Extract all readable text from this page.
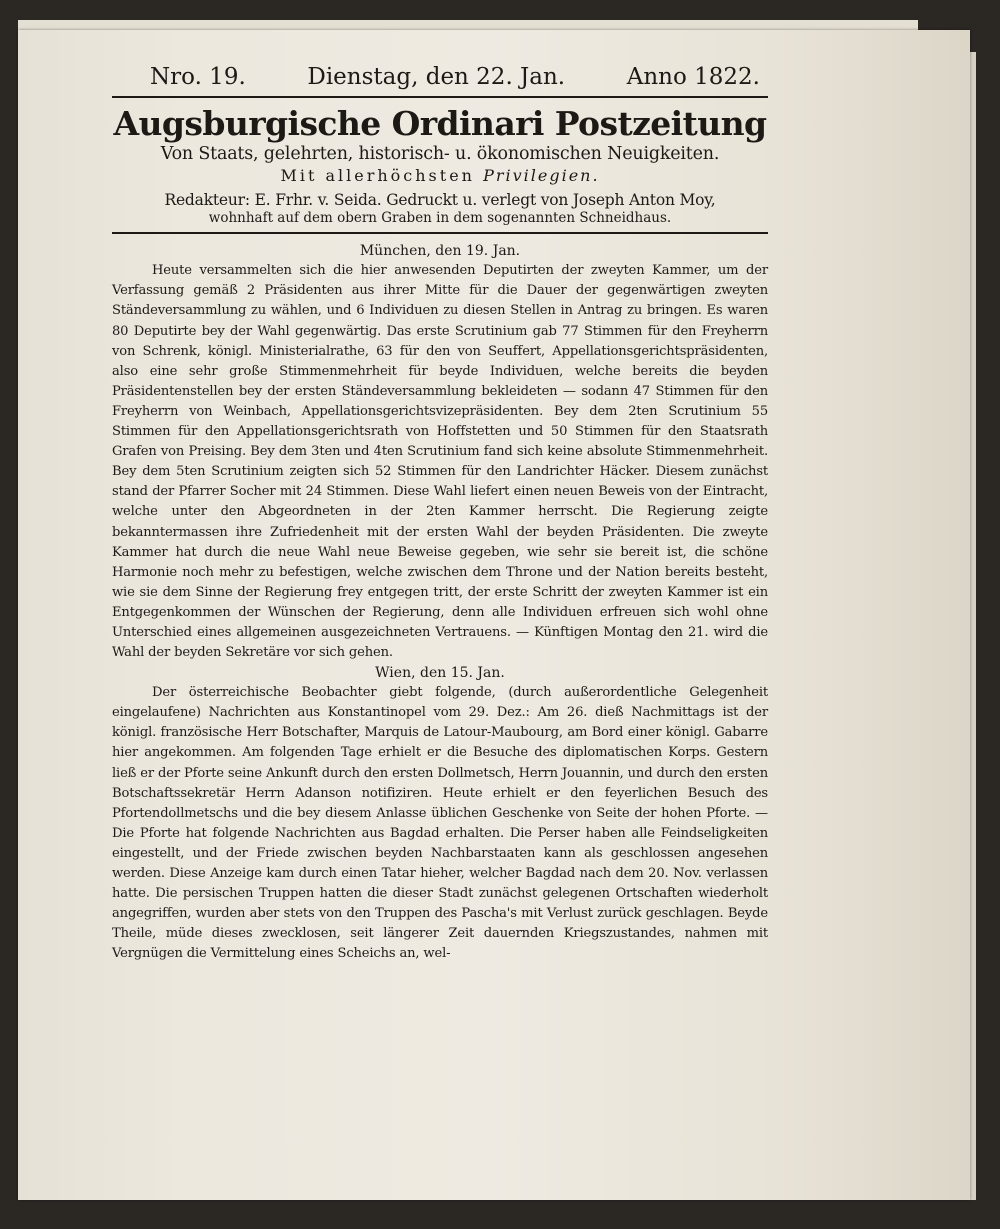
Nro. 19.	Dienstag, den 22. Jan.	Anno 1822.
Augsburgische Ordinari Postzeitung
Von Staats, gelehrten, historisch- u. ökonomischen Neuigkeiten.
Mit allerhöchsten Privilegien.
Redakteur: E. Frhr. v. Seida. Gedruckt u. verlegt von Joseph Anton Moy,
wohnhaft auf dem obern Graben in dem sogenannten Schneidhaus.
München, den 19. Jan.

Heute versammelten sich die hier anwesenden Deputirten der zweyten Kammer, um der Verfassung gemäß 2 Präsidenten aus ihrer Mitte für die Dauer der gegenwärtigen zweyten Ständeversammlung zu wählen, und 6 Individuen zu diesen Stellen in Antrag zu bringen. Es waren 80 Deputirte bey der Wahl gegenwärtig. Das erste Scrutinium gab 77 Stimmen für den Freyherrn von Schrenk, königl. Ministerialrathe, 63 für den von Seuffert, Appellationsgerichtspräsidenten, also eine sehr große Stimmenmehrheit für beyde Individuen, welche bereits die beyden Präsidentenstellen bey der ersten Ständeversammlung bekleideten — sodann 47 Stimmen für den Freyherrn von Weinbach, Appellationsgerichtsvizepräsidenten. Bey dem 2ten Scrutinium 55 Stimmen für den Appellationsgerichtsrath von Hoffstetten und 50 Stimmen für den Staatsrath Grafen von Preising. Bey dem 3ten und 4ten Scrutinium fand sich keine absolute Stimmenmehrheit. Bey dem 5ten Scrutinium zeigten sich 52 Stimmen für den Landrichter Häcker. Diesem zunächst stand der Pfarrer Socher mit 24 Stimmen. Diese Wahl liefert einen neuen Beweis von der Eintracht, welche unter den Abgeordneten in der 2ten Kammer herrscht. Die Regierung zeigte bekanntermassen ihre Zufriedenheit mit der ersten Wahl der beyden Präsidenten. Die zweyte Kammer hat durch die neue Wahl neue Beweise gegeben, wie sehr sie bereit ist, die schöne Harmonie noch mehr zu befestigen, welche zwischen dem Throne und der Nation bereits besteht, wie sie dem Sinne der Regierung frey entgegen tritt, der erste Schritt der zweyten Kammer ist ein Entgegenkommen der Wünschen der Regierung, denn alle Individuen erfreuen sich wohl ohne Unterschied eines allgemeinen ausgezeichneten Vertrauens. — Künftigen Montag den 21. wird die Wahl der beyden Sekretäre vor sich gehen.

Wien, den 15. Jan.

Der österreichische Beobachter giebt folgende, (durch außerordentliche Gelegenheit eingelaufene) Nachrichten aus Konstantinopel vom 29. Dez.: Am 26. dieß Nachmittags ist der königl. französische Herr Botschafter, Marquis de Latour-Maubourg, am Bord einer königl. Gabarre hier angekommen. Am folgenden Tage erhielt er die Besuche des diplomatischen Korps. Gestern ließ er der Pforte seine Ankunft durch den ersten Dollmetsch, Herrn Jouannin, und durch den ersten Botschaftssekretär Herrn Adanson notifiziren. Heute erhielt er den feyerlichen Besuch des Pfortendollmetschs und die bey diesem Anlasse üblichen Geschenke von Seite der hohen Pforte. — Die Pforte hat folgende Nachrichten aus Bagdad erhalten. Die Perser haben alle Feindseligkeiten eingestellt, und der Friede zwischen beyden Nachbarstaaten kann als geschlossen angesehen werden. Diese Anzeige kam durch einen Tatar hieher, welcher Bagdad nach dem 20. Nov. verlassen hatte. Die persischen Truppen hatten die dieser Stadt zunächst gelegenen Ortschaften wiederholt angegriffen, wurden aber stets von den Truppen des Pascha's mit Verlust zurück geschlagen. Beyde Theile, müde dieses zwecklosen, seit längerer Zeit dauernden Kriegszustandes, nahmen mit Vergnügen die Vermittelung eines Scheichs an, wel-
